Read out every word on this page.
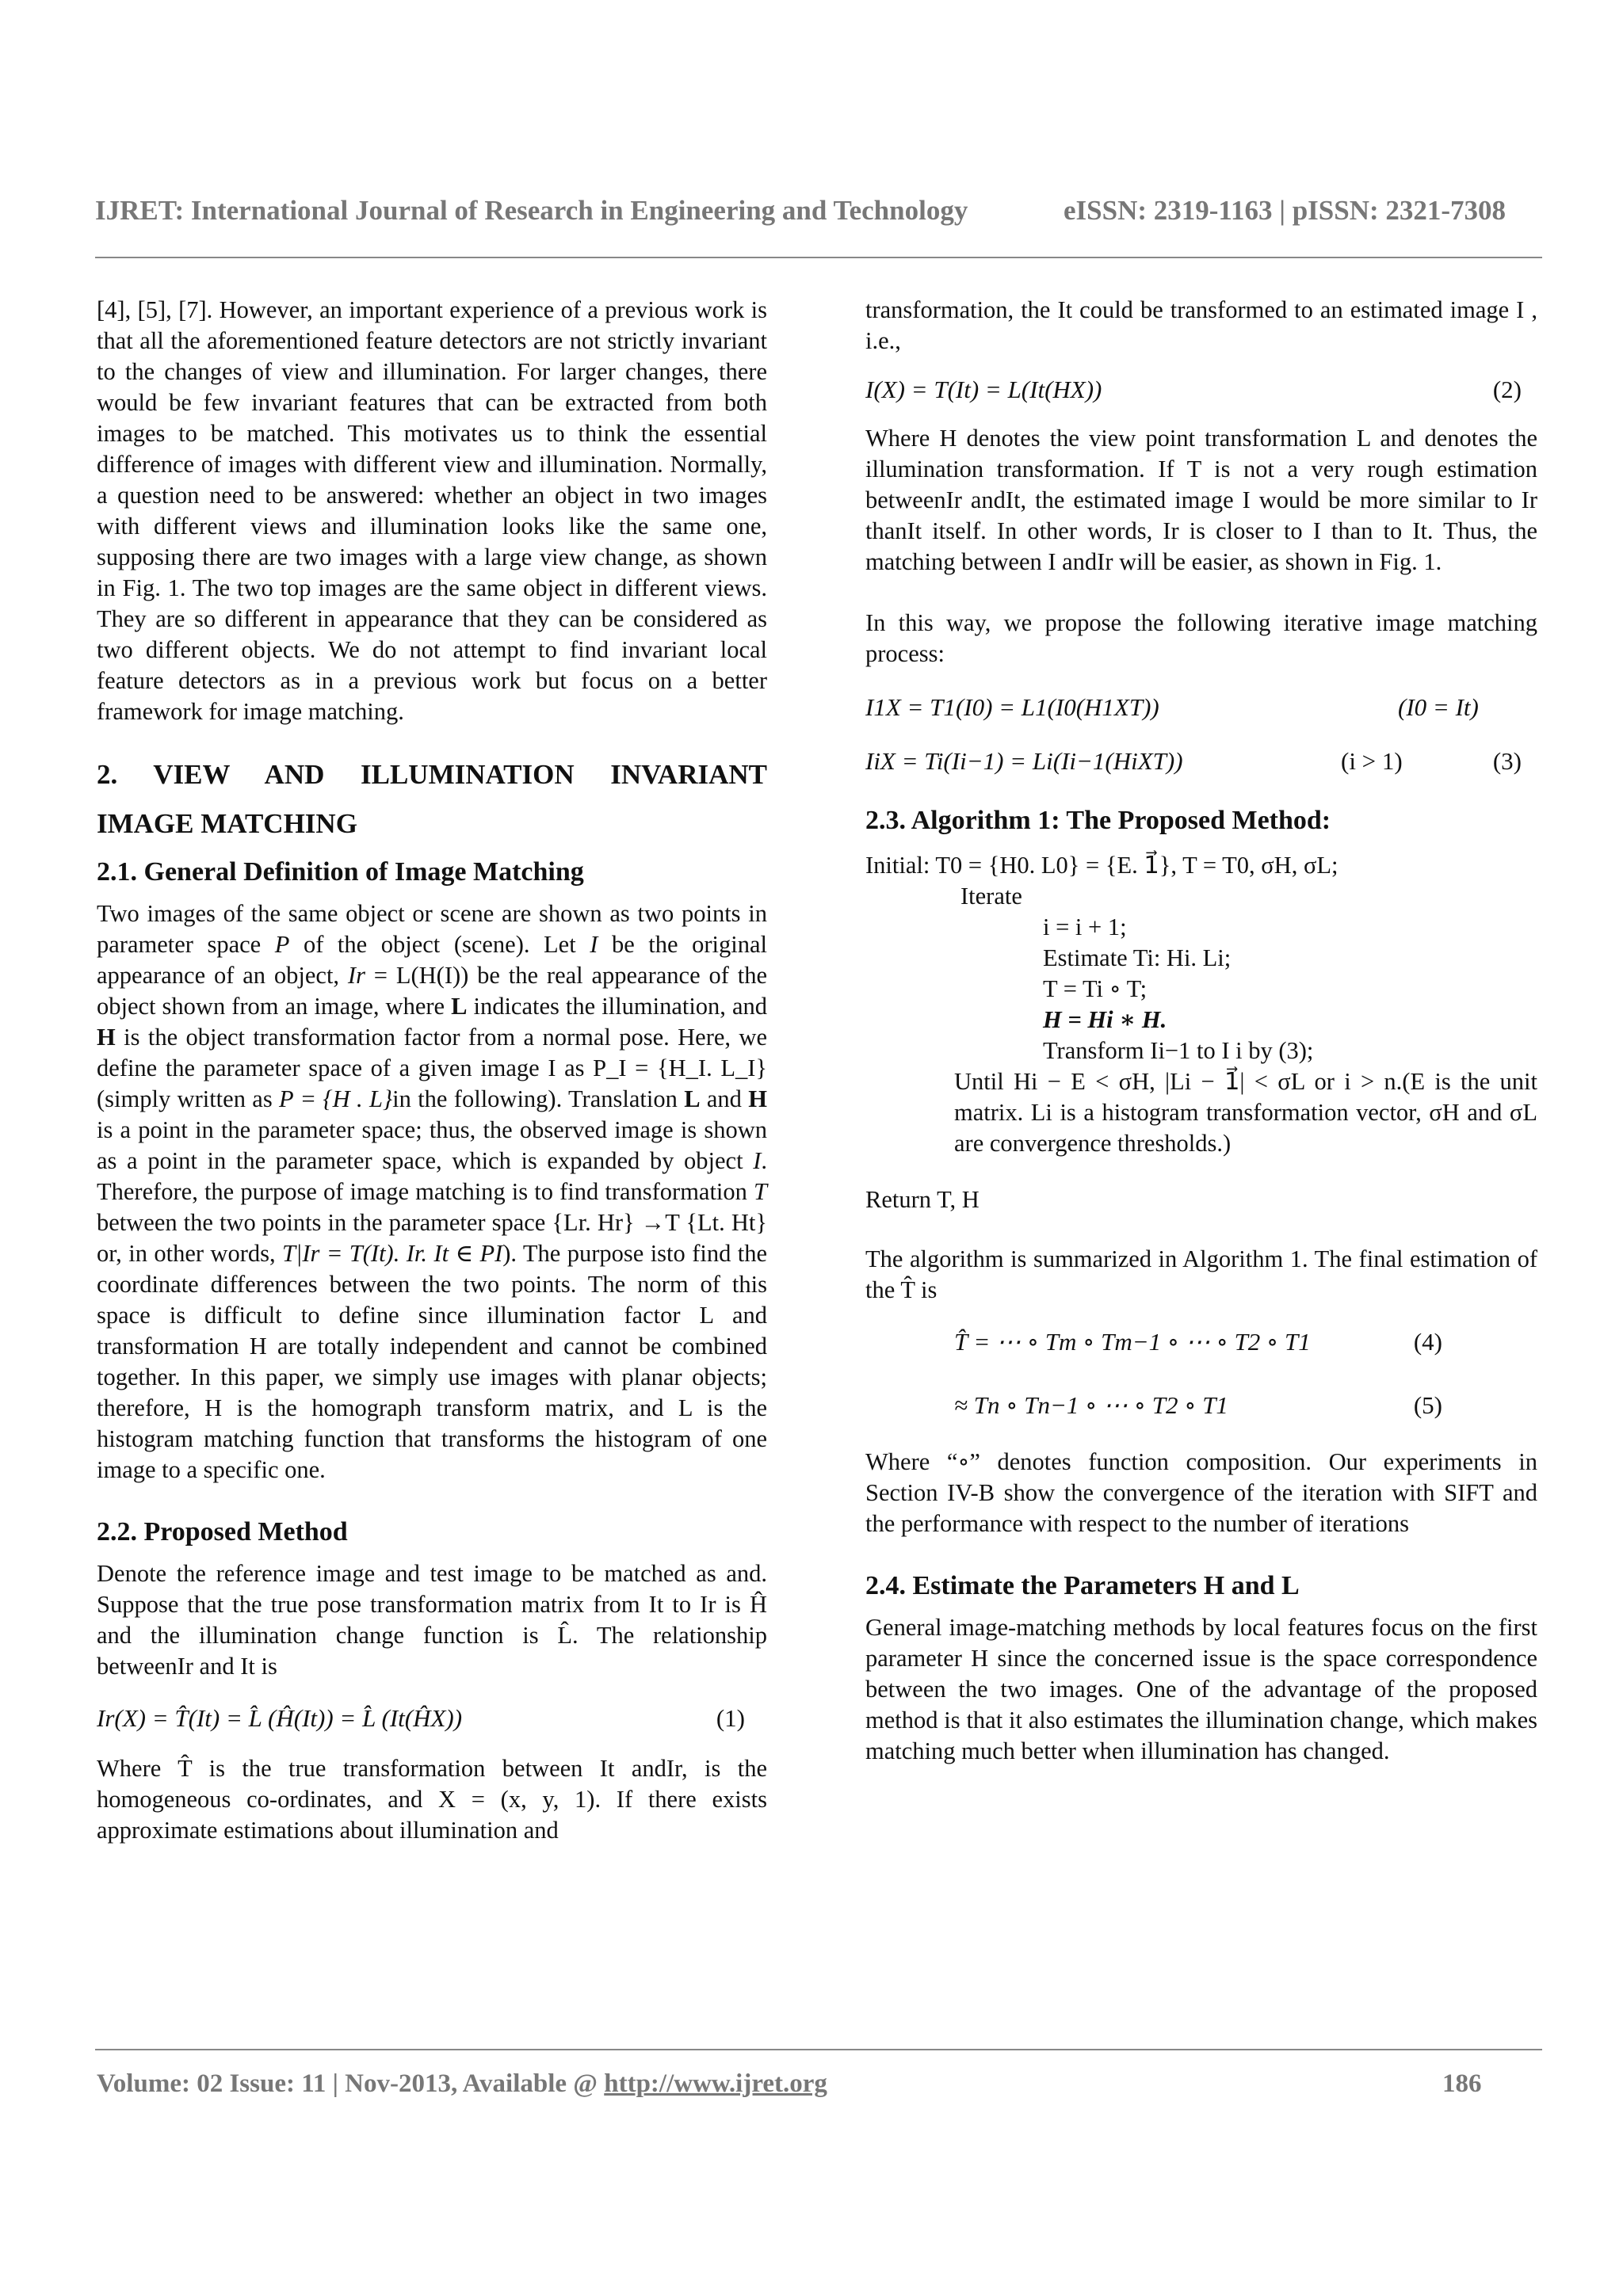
IJRET: International Journal of Research in Engineering and Technology	eISSN: 2319-1163 | pISSN: 2321-7308

[4], [5], [7]. However, an important experience of a previous work is that all the aforementioned feature detectors are not strictly invariant to the changes of view and illumination. For larger changes, there would be few invariant features that can be extracted from both images to be matched. This motivates us to think the essential difference of images with different view and illumination. Normally, a question need to be answered: whether an object in two images with different views and illumination looks like the same one, supposing there are two images with a large view change, as shown in Fig. 1. The two top images are the same object in different views. They are so different in appearance that they can be considered as two different objects. We do not attempt to find invariant local feature detectors as in a previous work but focus on a better framework for image matching.

2. VIEW AND ILLUMINATION INVARIANT
IMAGE MATCHING
2.1. General Definition of Image Matching

Two images of the same object or scene are shown as two points in parameter space P of the object (scene). Let I be the original appearance of an object, Ir = L(H(I)) be the real appearance of the object shown from an image, where L indicates the illumination, and H is the object transformation factor from a normal pose. Here, we define the parameter space of a given image I as P_I = {H_I. L_I} (simply written as P = {H . L}in the following). Translation L and H is a point in the parameter space; thus, the observed image is shown as a point in the parameter space, which is expanded by object I. Therefore, the purpose of image matching is to find transformation T between the two points in the parameter space {Lr. Hr} →T {Lt. Ht} or, in other words, T|Ir = T(It). Ir. It ∈ PI). The purpose isto find the coordinate differences between the two points. The norm of this space is difficult to define since illumination factor L and transformation H are totally independent and cannot be combined together. In this paper, we simply use images with planar objects; therefore, H is the homograph transform matrix, and L is the histogram matching function that transforms the histogram of one image to a specific one.

2.2. Proposed Method

Denote the reference image and test image to be matched as and. Suppose that the true pose transformation matrix from It to Ir is Ĥ and the illumination change function is L̂. The relationship betweenIr and It is

Ir(X) = T̂(It) = L̂ (Ĥ(It)) = L̂ (It(ĤX))	(1)

Where T̂ is the true transformation between It andIr, is the homogeneous co-ordinates, and X = (x, y, 1). If there exists approximate estimations about illumination and

transformation, the It could be transformed to an estimated image I , i.e.,

I(X) = T(It) = L(It(HX))	(2)

Where H denotes the view point transformation L and denotes the illumination transformation. If T is not a very rough estimation betweenIr andIt, the estimated image I would be more similar to Ir thanIt itself. In other words, Ir is closer to I than to It. Thus, the matching between I andIr will be easier, as shown in Fig. 1.

In this way, we propose the following iterative image matching process:

I1X = T1(I0) = L1(I0(H1XT))	(I0 = It)
IiX = Ti(Ii−1) = Li(Ii−1(HiXT))	(i > 1)	(3)
2.3. Algorithm 1: The Proposed Method:
Initial: T0 = {H0. L0} = {E. 1⃗}, T = T0, σH, σL;
Iterate
i = i + 1;
Estimate Ti: Hi. Li;
T = Ti ∘ T;
H = Hi ∗ H.
Transform Ii−1 to I i by (3);
Until Hi − E < σH, |Li − 1⃗| < σL or i > n.(E is the unit matrix. Li is a histogram transformation vector, σH and σL are convergence thresholds.)
Return T, H

The algorithm is summarized in Algorithm 1. The final estimation of the T̂ is

T̂ = ⋯ ∘ Tm ∘ Tm−1 ∘ ⋯ ∘ T2 ∘ T1	(4)
≈ Tn ∘ Tn−1 ∘ ⋯ ∘ T2 ∘ T1	(5)

Where “∘” denotes function composition. Our experiments in Section IV-B show the convergence of the iteration with SIFT and the performance with respect to the number of iterations

2.4. Estimate the Parameters H and L

General image-matching methods by local features focus on the first parameter H since the concerned issue is the space correspondence between the two images. One of the advantage of the proposed method is that it also estimates the illumination change, which makes matching much better when illumination has changed.

Volume: 02 Issue: 11 | Nov-2013, Available @ http://www.ijret.org	186
